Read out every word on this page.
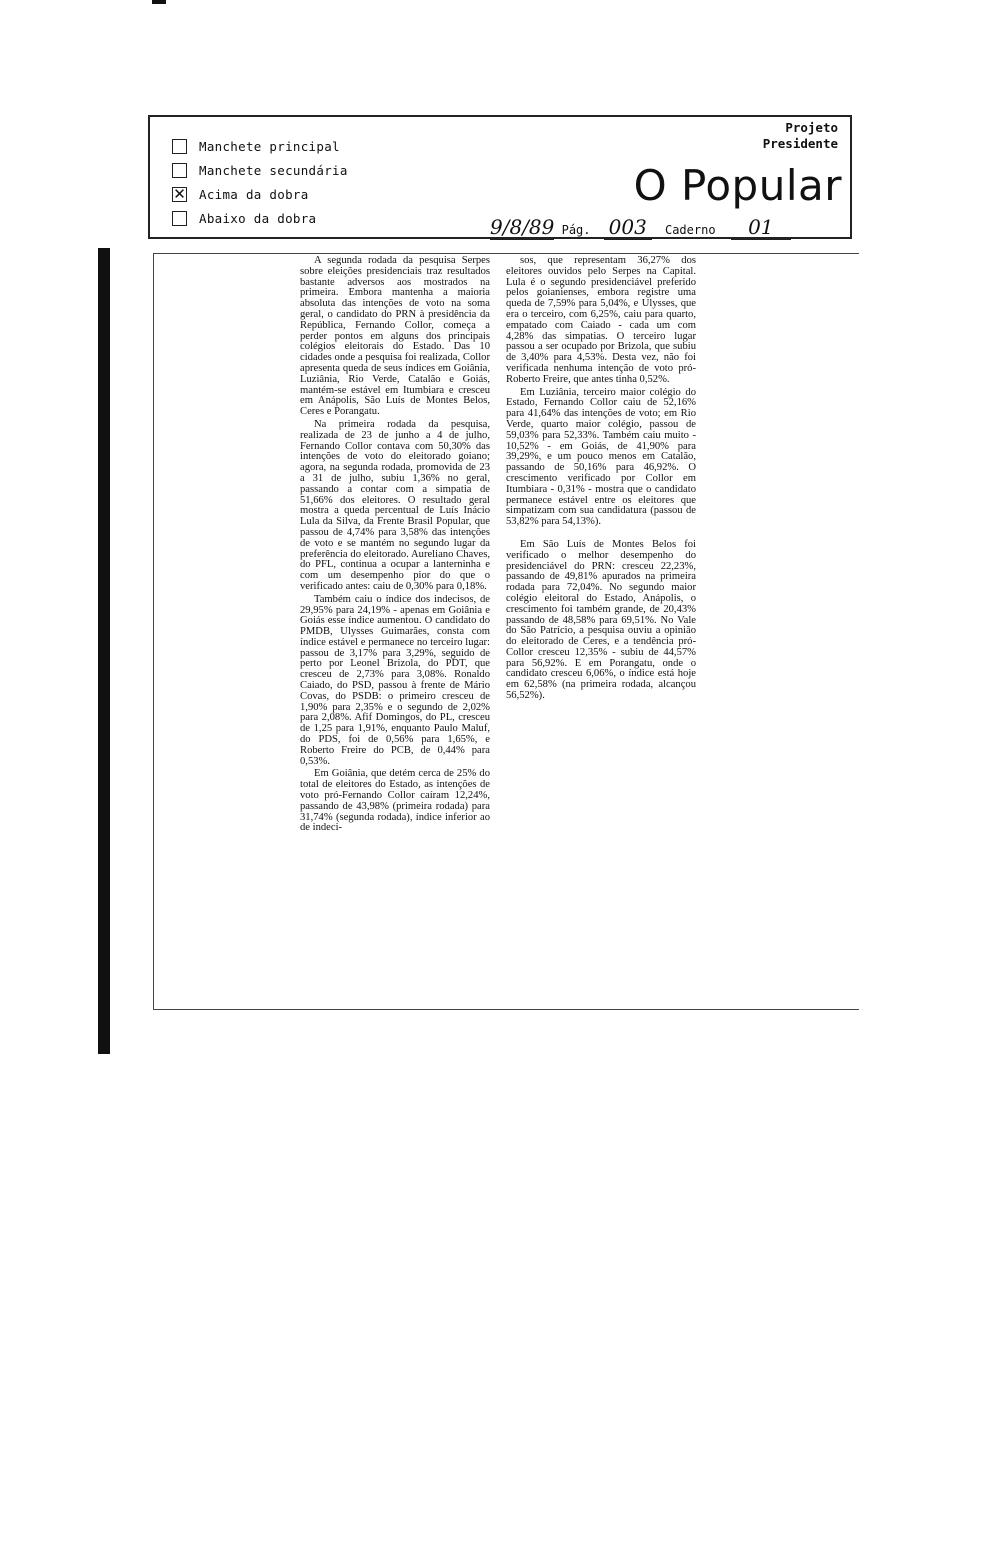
Manchete principal
Manchete secundária
✕ Acima da dobra
Abaixo da dobra
Projeto
Presidente
O Popular
9/8/89 Pág. 003 Caderno 01

A segunda rodada da pesquisa Serpes sobre eleições presidenciais traz resultados bastante adversos aos mostrados na primeira. Embora mantenha a maioria absoluta das intenções de voto na soma geral, o candidato do PRN à presidência da República, Fernando Collor, começa a perder pontos em alguns dos principais colégios eleitorais do Estado. Das 10 cidades onde a pesquisa foi realizada, Collor apresenta queda de seus índices em Goiânia, Luziânia, Rio Verde, Catalão e Goiás, mantém-se estável em Itumbiara e cresceu em Anápolis, São Luís de Montes Belos, Ceres e Porangatu.

Na primeira rodada da pesquisa, realizada de 23 de junho a 4 de julho, Fernando Collor contava com 50,30% das intenções de voto do eleitorado goiano; agora, na segunda rodada, promovida de 23 a 31 de julho, subiu 1,36% no geral, passando a contar com a simpatia de 51,66% dos eleitores. O resultado geral mostra a queda percentual de Luís Inácio Lula da Silva, da Frente Brasil Popular, que passou de 4,74% para 3,58% das intenções de voto e se mantém no segundo lugar da preferência do eleitorado. Aureliano Chaves, do PFL, continua a ocupar a lanterninha e com um desempenho pior do que o verificado antes: caiu de 0,30% para 0,18%.

Também caiu o índice dos indecisos, de 29,95% para 24,19% - apenas em Goiânia e Goiás esse índice aumentou. O candidato do PMDB, Ulysses Guimarães, consta com índice estável e permanece no terceiro lugar: passou de 3,17% para 3,29%, seguido de perto por Leonel Brizola, do PDT, que cresceu de 2,73% para 3,08%. Ronaldo Caiado, do PSD, passou à frente de Mário Covas, do PSDB: o primeiro cresceu de 1,90% para 2,35% e o segundo de 2,02% para 2,08%. Afif Domingos, do PL, cresceu de 1,25 para 1,91%, enquanto Paulo Maluf, do PDS, foi de 0,56% para 1,65%, e Roberto Freire do PCB, de 0,44% para 0,53%.

Em Goiânia, que detém cerca de 25% do total de eleitores do Estado, as intenções de voto pró-Fernando Collor caíram 12,24%, passando de 43,98% (primeira rodada) para 31,74% (segunda rodada), índice inferior ao de indeci-

sos, que representam 36,27% dos eleitores ouvidos pelo Serpes na Capital. Lula é o segundo presidenciável preferido pelos goianienses, embora registre uma queda de 7,59% para 5,04%, e Ulysses, que era o terceiro, com 6,25%, caiu para quarto, empatado com Caiado - cada um com 4,28% das simpatias. O terceiro lugar passou a ser ocupado por Brizola, que subiu de 3,40% para 4,53%. Desta vez, não foi verificada nenhuma intenção de voto pró-Roberto Freire, que antes tinha 0,52%.

Em Luziânia, terceiro maior colégio do Estado, Fernando Collor caiu de 52,16% para 41,64% das intenções de voto; em Rio Verde, quarto maior colégio, passou de 59,03% para 52,33%. Também caiu muito - 10,52% - em Goiás, de 41,90% para 39,29%, e um pouco menos em Catalão, passando de 50,16% para 46,92%. O crescimento verificado por Collor em Itumbiara - 0,31% - mostra que o candidato permanece estável entre os eleitores que simpatizam com sua candidatura (passou de 53,82% para 54,13%).

Em São Luís de Montes Belos foi verificado o melhor desempenho do presidenciável do PRN: cresceu 22,23%, passando de 49,81% apurados na primeira rodada para 72,04%. No segundo maior colégio eleitoral do Estado, Anápolis, o crescimento foi também grande, de 20,43% passando de 48,58% para 69,51%. No Vale do São Patrício, a pesquisa ouviu a opinião do eleitorado de Ceres, e a tendência pró-Collor cresceu 12,35% - subiu de 44,57% para 56,92%. E em Porangatu, onde o candidato cresceu 6,06%, o índice está hoje em 62,58% (na primeira rodada, alcançou 56,52%).
